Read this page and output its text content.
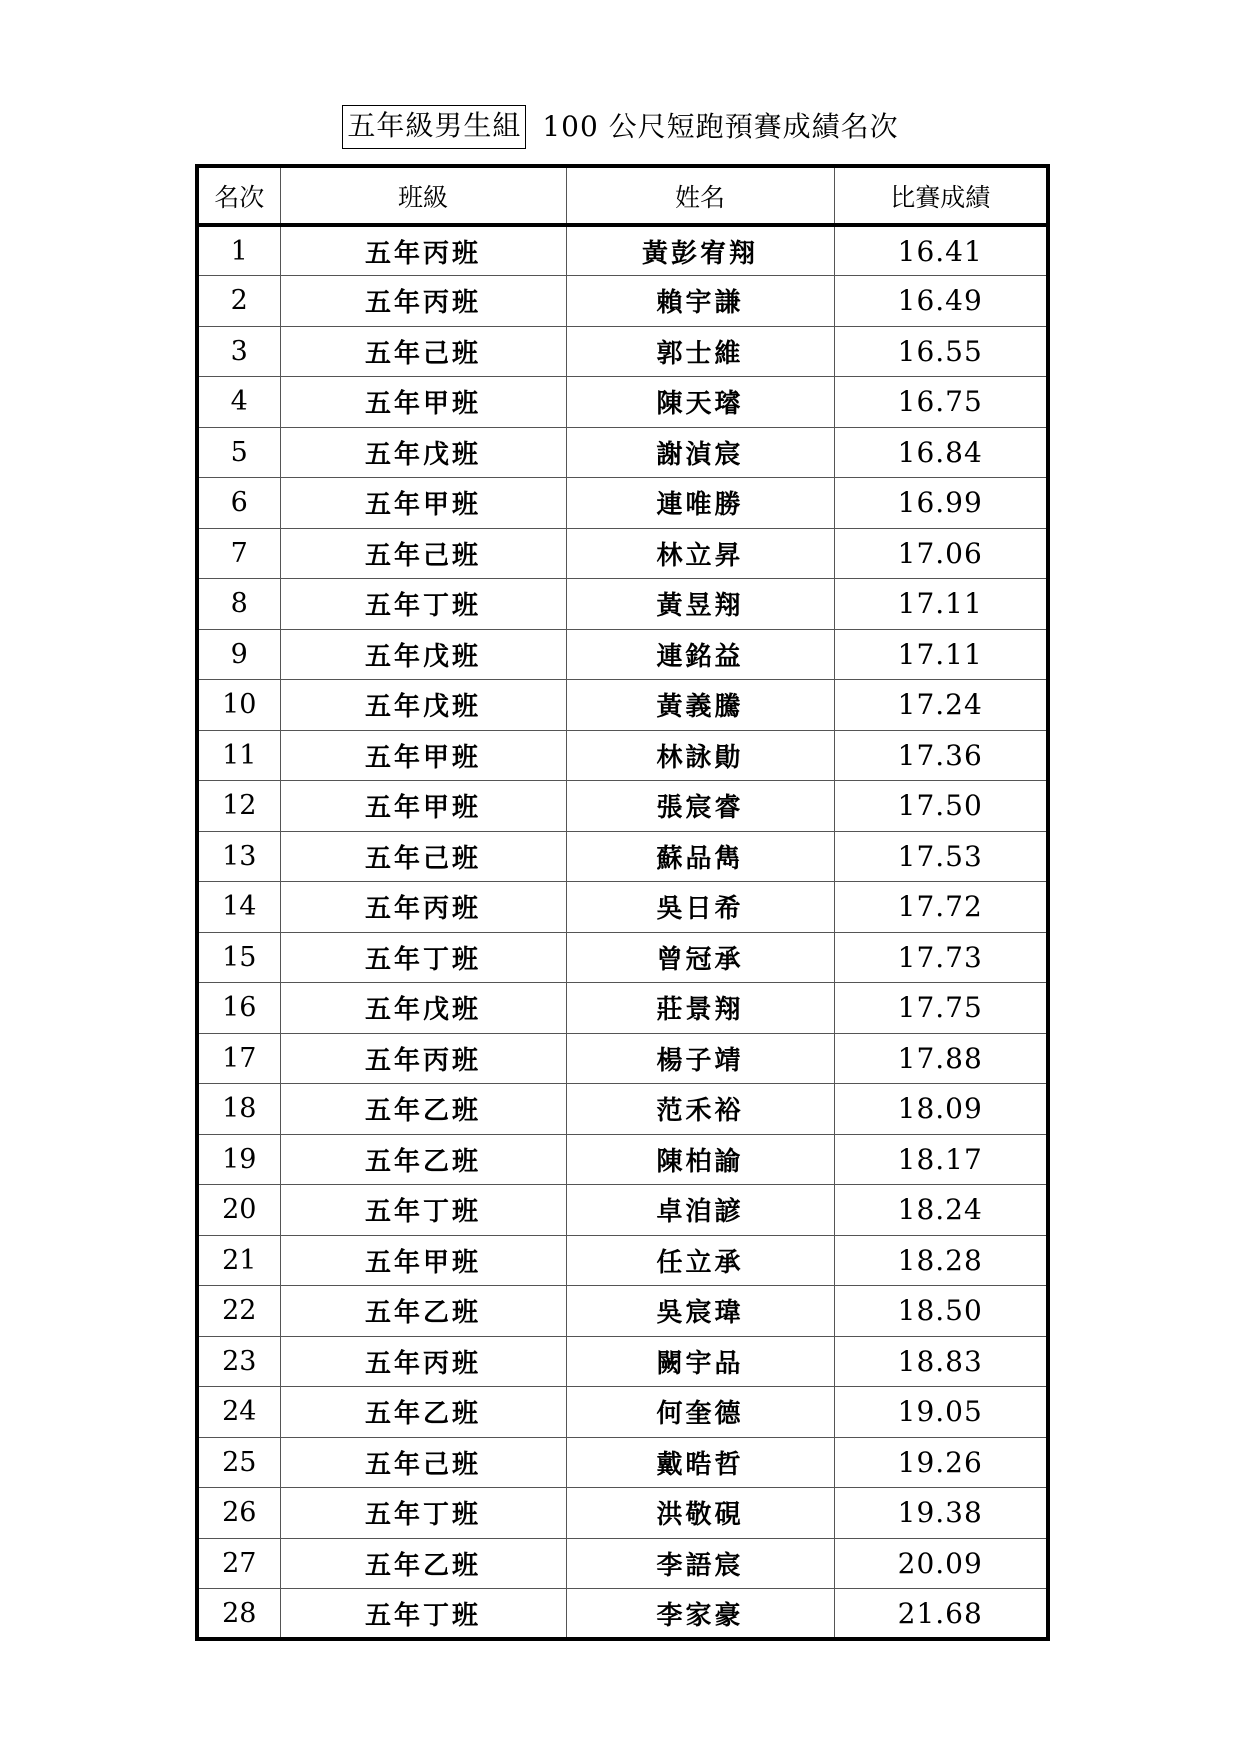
五年級男生組 100 公尺短跑預賽成績名次
名次	班級	姓名	比賽成績
1	五年丙班	黃彭宥翔	16.41
2	五年丙班	賴宇謙	16.49
3	五年己班	郭士維	16.55
4	五年甲班	陳天璿	16.75
5	五年戊班	謝湞宸	16.84
6	五年甲班	連唯勝	16.99
7	五年己班	林立昇	17.06
8	五年丁班	黃昱翔	17.11
9	五年戊班	連銘益	17.11
10	五年戊班	黃義騰	17.24
11	五年甲班	林詠勛	17.36
12	五年甲班	張宸睿	17.50
13	五年己班	蘇品雋	17.53
14	五年丙班	吳日希	17.72
15	五年丁班	曾冠承	17.73
16	五年戊班	莊景翔	17.75
17	五年丙班	楊子靖	17.88
18	五年乙班	范禾裕	18.09
19	五年乙班	陳柏諭	18.17
20	五年丁班	卓洎諺	18.24
21	五年甲班	任立承	18.28
22	五年乙班	吳宸瑋	18.50
23	五年丙班	闕宇品	18.83
24	五年乙班	何奎德	19.05
25	五年己班	戴晧哲	19.26
26	五年丁班	洪敬硯	19.38
27	五年乙班	李語宸	20.09
28	五年丁班	李家豪	21.68
